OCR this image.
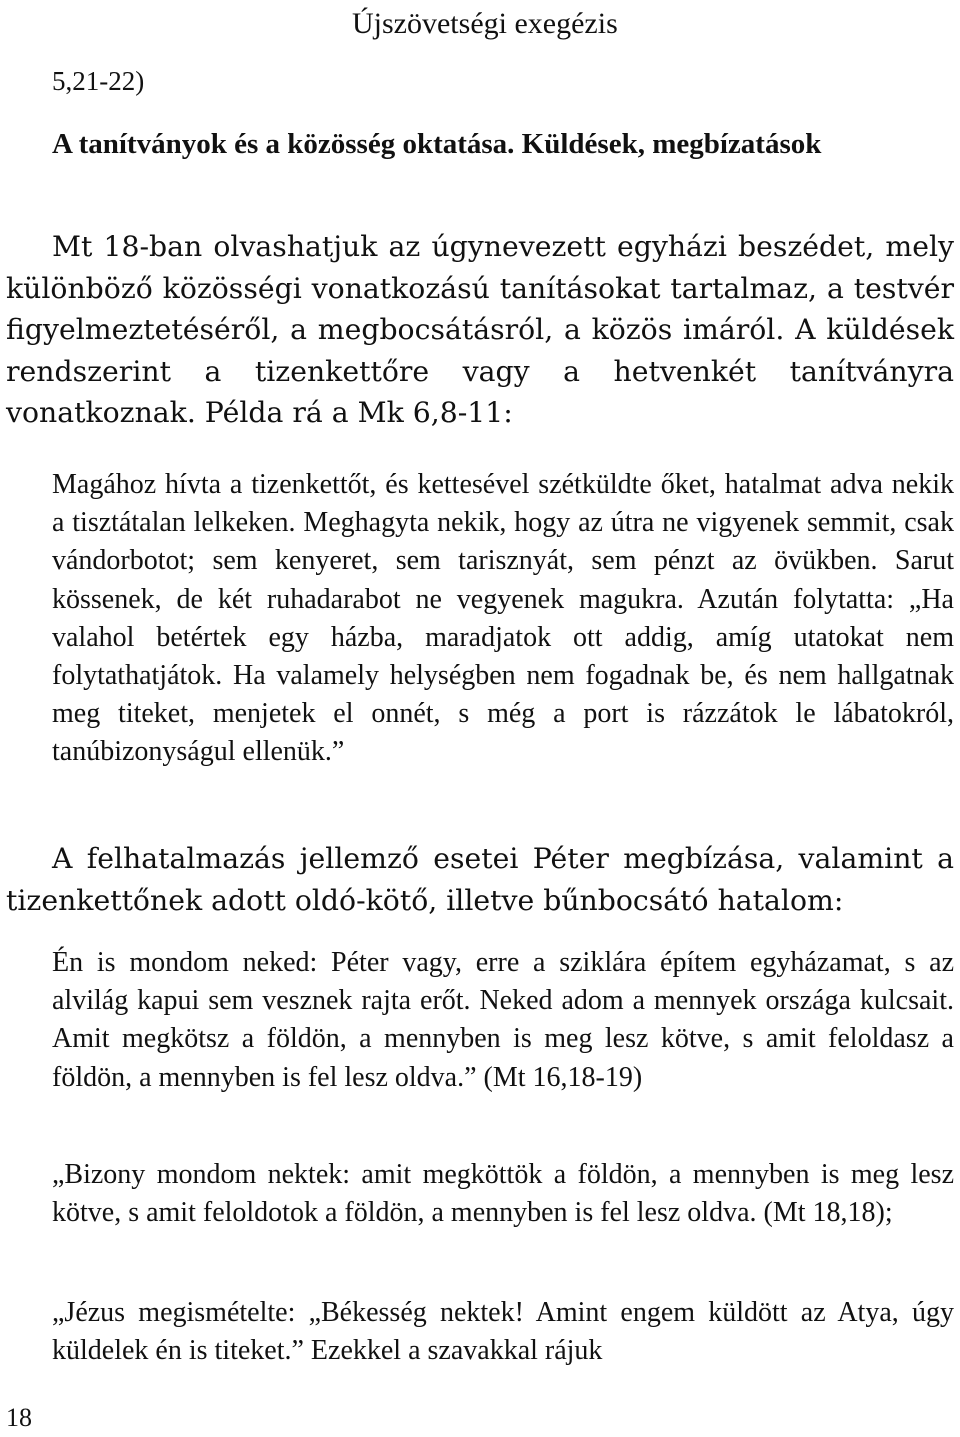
Újszövetségi exegézis
5,21-22)
A tanítványok és a közösség oktatása. Küldések, megbízatások

Mt 18-ban olvashatjuk az úgynevezett egyházi beszédet, mely különböző közösségi vonatkozású tanításokat tartalmaz, a testvér figyelmeztetéséről, a megbocsátásról, a közös imáról. A küldések rendszerint a tizenkettőre vagy a hetvenkét tanítványra vonatkoznak. Példa rá a Mk 6,8-11:

Magához hívta a tizenkettőt, és kettesével szétküldte őket, hatalmat adva nekik a tisztátalan lelkeken. Meghagyta nekik, hogy az útra ne vigyenek semmit, csak vándorbotot; sem kenyeret, sem tarisznyát, sem pénzt az övükben. Sarut kössenek, de két ruhadarabot ne vegyenek magukra. Azután folytatta: „Ha valahol betértek egy házba, maradjatok ott addig, amíg utatokat nem folytathatjátok. Ha valamely helységben nem fogadnak be, és nem hallgatnak meg titeket, menjetek el onnét, s még a port is rázzátok le lábatokról, tanúbizonyságul ellenük.”

A felhatalmazás jellemző esetei Péter megbízása, valamint a tizenkettőnek adott oldó-kötő, illetve bűnbocsátó hatalom:

Én is mondom neked: Péter vagy, erre a sziklára építem egyházamat, s az alvilág kapui sem vesznek rajta erőt. Neked adom a mennyek országa kulcsait. Amit megkötsz a földön, a mennyben is meg lesz kötve, s amit feloldasz a földön, a mennyben is fel lesz oldva.” (Mt 16,18-19)

„Bizony mondom nektek: amit megköttök a földön, a mennyben is meg lesz kötve, s amit feloldotok a földön, a mennyben is fel lesz oldva. (Mt 18,18);

„Jézus megismételte: „Békesség nektek! Amint engem küldött az Atya, úgy küldelek én is titeket.” Ezekkel a szavakkal rájuk

18
